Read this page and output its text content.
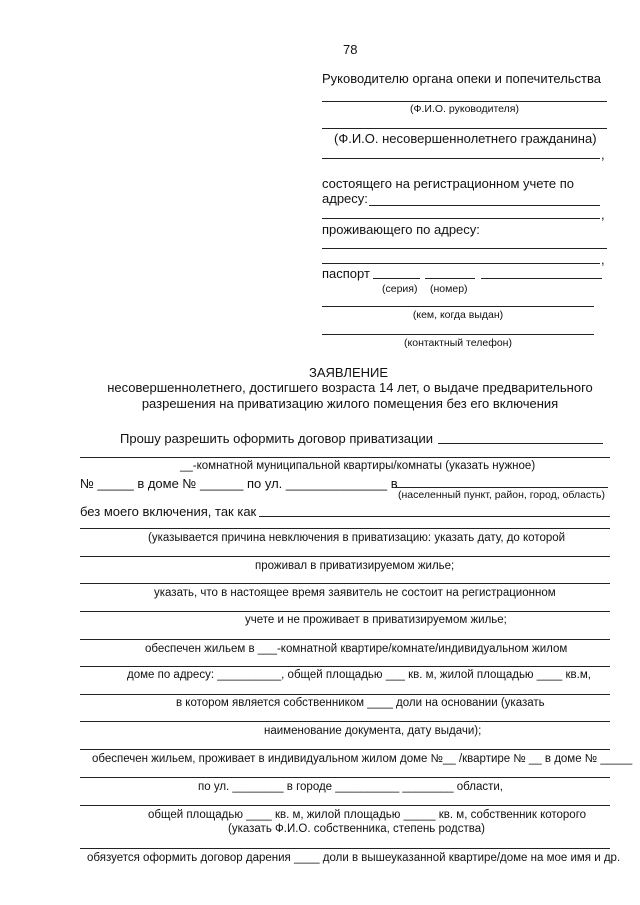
78
Руководителю органа опеки и попечительства
(Ф.И.О. руководителя)
(Ф.И.О. несовершеннолетнего гражданина)
,
состоящего на регистрационном учете по
адресу:
,
проживающего по адресу:
,
паспорт
(серия) (номер)
(кем, когда выдан)
(контактный телефон)
ЗАЯВЛЕНИЕ
несовершеннолетнего, достигшего возраста 14 лет, о выдаче предварительного
разрешения на приватизацию жилого помещения без его включения
Прошу разрешить оформить договор приватизации
__-комнатной муниципальной квартиры/комнаты (указать нужное)
№ _____ в доме № ______ по ул. ______________ в
(населенный пункт, район, город, область)
без моего включения, так как
(указывается причина невключения в приватизацию: указать дату, до которой
проживал в приватизируемом жилье;
указать, что в настоящее время заявитель не состоит на регистрационном
учете и не проживает в приватизируемом жилье;
обеспечен жильем в ___-комнатной квартире/комнате/индивидуальном жилом
доме по адресу: __________, общей площадью ___ кв. м, жилой площадью ____ кв.м,
в котором является собственником ____ доли на основании (указать
наименование документа, дату выдачи);
обеспечен жильем, проживает в индивидуальном жилом доме №__ /квартире № __ в доме № _____
по ул. ________ в городе __________ ________ области,
общей площадью ____ кв. м, жилой площадью _____ кв. м, собственник которого
(указать Ф.И.О. собственника, степень родства)
обязуется оформить договор дарения ____ доли в вышеуказанной квартире/доме на мое имя и др.
